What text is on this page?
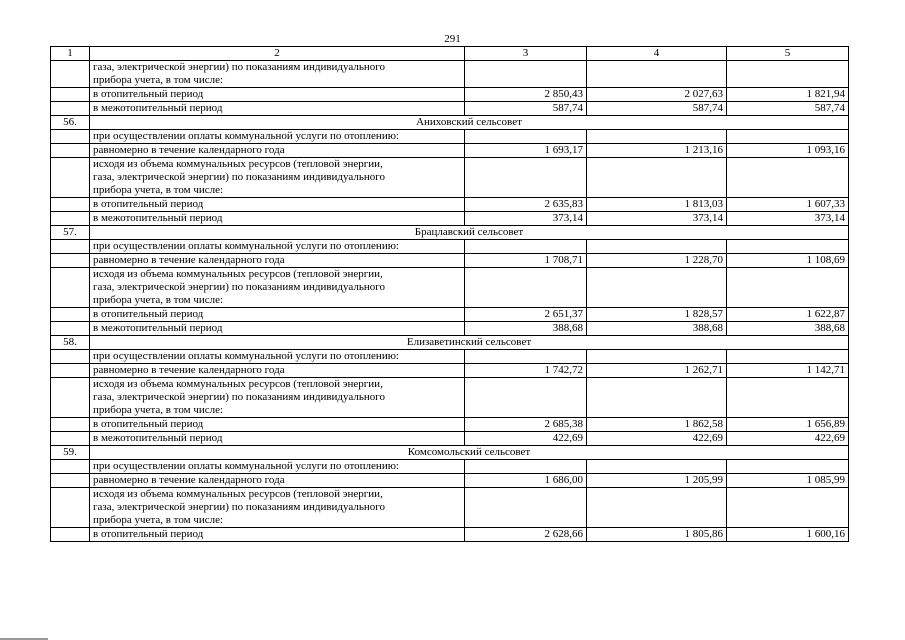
291
1	2	3	4	5

	газа, электрической энергии) по показаниям индивидуального
прибора учета, в том числе:			

	в отопительный период	2 850,43	2 027,63	1 821,94

	в межотопительный период	587,74	587,74	587,74
56.	Аниховский сельсовет			

	при осуществлении оплаты коммунальной услуги по отоплению:			

	равномерно в течение календарного года	1 693,17	1 213,16	1 093,16

	исходя из объема коммунальных ресурсов (тепловой энергии,
газа, электрической энергии) по показаниям индивидуального
прибора учета, в том числе:			

	в отопительный период	2 635,83	1 813,03	1 607,33

	в межотопительный период	373,14	373,14	373,14
57.	Брацлавский сельсовет			

	при осуществлении оплаты коммунальной услуги по отоплению:			

	равномерно в течение календарного года	1 708,71	1 228,70	1 108,69

	исходя из объема коммунальных ресурсов (тепловой энергии,
газа, электрической энергии) по показаниям индивидуального
прибора учета, в том числе:			

	в отопительный период	2 651,37	1 828,57	1 622,87

	в межотопительный период	388,68	388,68	388,68
58.	Елизаветинский сельсовет			

	при осуществлении оплаты коммунальной услуги по отоплению:			

	равномерно в течение календарного года	1 742,72	1 262,71	1 142,71

	исходя из объема коммунальных ресурсов (тепловой энергии,
газа, электрической энергии) по показаниям индивидуального
прибора учета, в том числе:			

	в отопительный период	2 685,38	1 862,58	1 656,89

	в межотопительный период	422,69	422,69	422,69
59.	Комсомольский сельсовет			

	при осуществлении оплаты коммунальной услуги по отоплению:			

	равномерно в течение календарного года	1 686,00	1 205,99	1 085,99

	исходя из объема коммунальных ресурсов (тепловой энергии,
газа, электрической энергии) по показаниям индивидуального
прибора учета, в том числе:			

	в отопительный период	2 628,66	1 805,86	1 600,16
